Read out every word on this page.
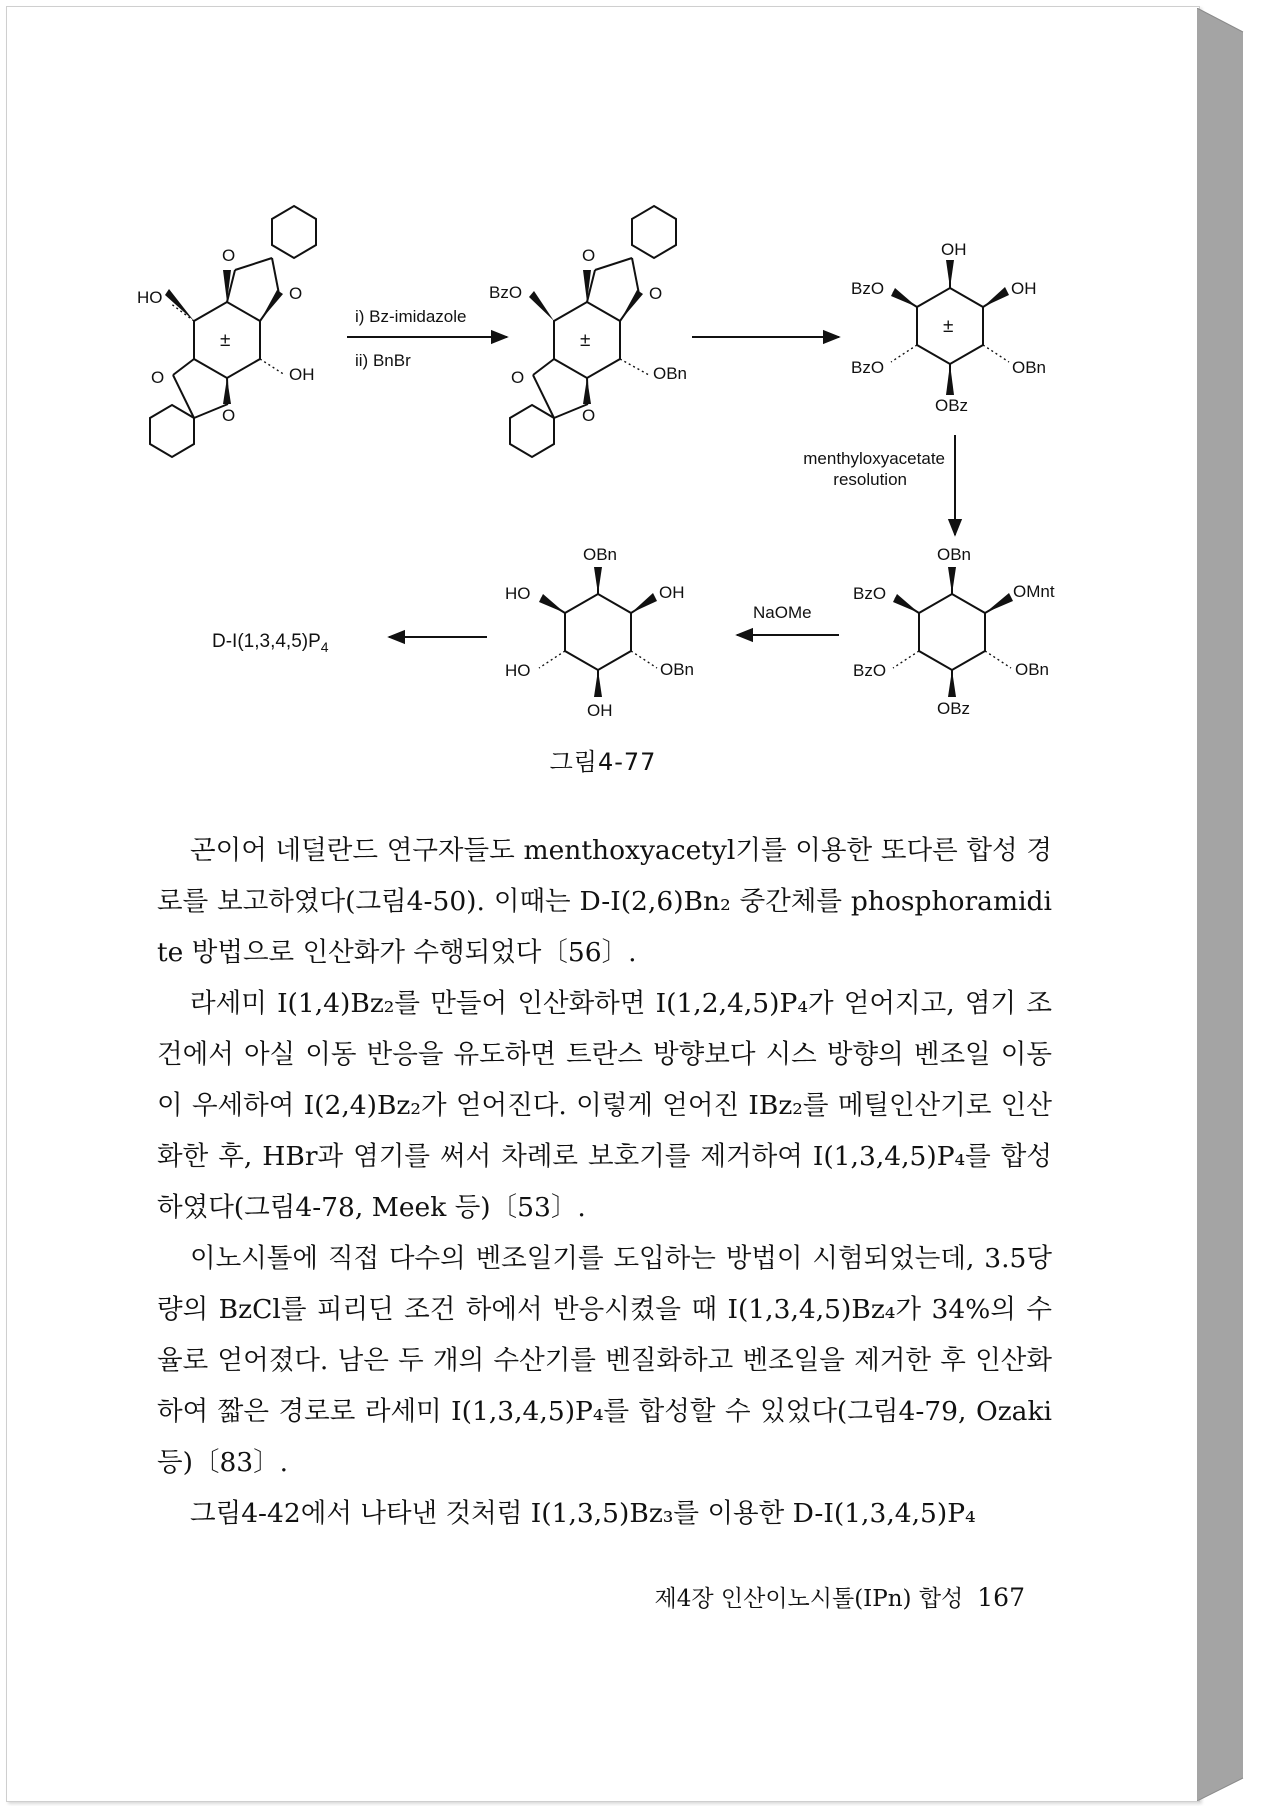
HO
OH
O
O
O
O
±
i) Bz-imidazole
ii) BnBr
BzO
OBn
O
O
O
O
±
OH
OH
BzO
BzO	OBn
OBz
±
menthyloxyacetate
resolution
OBn
OMnt
BzO
BzO	OBn
OBz
NaOMe
OBn
OH
HO
HO	OBn
OH
$D-I(1,3,4,5)P_4$
그림4-77

곤이어 네덜란드 연구자들도 menthoxyacetyl기를 이용한 또다른 합성 경로를 보고하였다(그림4-50). 이때는 D-I(2,6)Bn₂ 중간체를 phosphoramidite 방법으로 인산화가 수행되었다〔56〕.

라세미 I(1,4)Bz₂를 만들어 인산화하면 I(1,2,4,5)P₄가 얻어지고, 염기 조건에서 아실 이동 반응을 유도하면 트란스 방향보다 시스 방향의 벤조일 이동이 우세하여 I(2,4)Bz₂가 얻어진다. 이렇게 얻어진 IBz₂를 메틸인산기로 인산화한 후, HBr과 염기를 써서 차례로 보호기를 제거하여 I(1,3,4,5)P₄를 합성하였다(그림4-78, Meek 등)〔53〕.

이노시톨에 직접 다수의 벤조일기를 도입하는 방법이 시험되었는데, 3.5당량의 BzCl를 피리딘 조건 하에서 반응시켰을 때 I(1,3,4,5)Bz₄가 34%의 수율로 얻어졌다. 남은 두 개의 수산기를 벤질화하고 벤조일을 제거한 후 인산화하여 짧은 경로로 라세미 I(1,3,4,5)P₄를 합성할 수 있었다(그림4-79, Ozaki 등)〔83〕.

그림4-42에서 나타낸 것처럼 I(1,3,5)Bz₃를 이용한 D-I(1,3,4,5)P₄

제4장 인산이노시톨(IPn) 합성 167
